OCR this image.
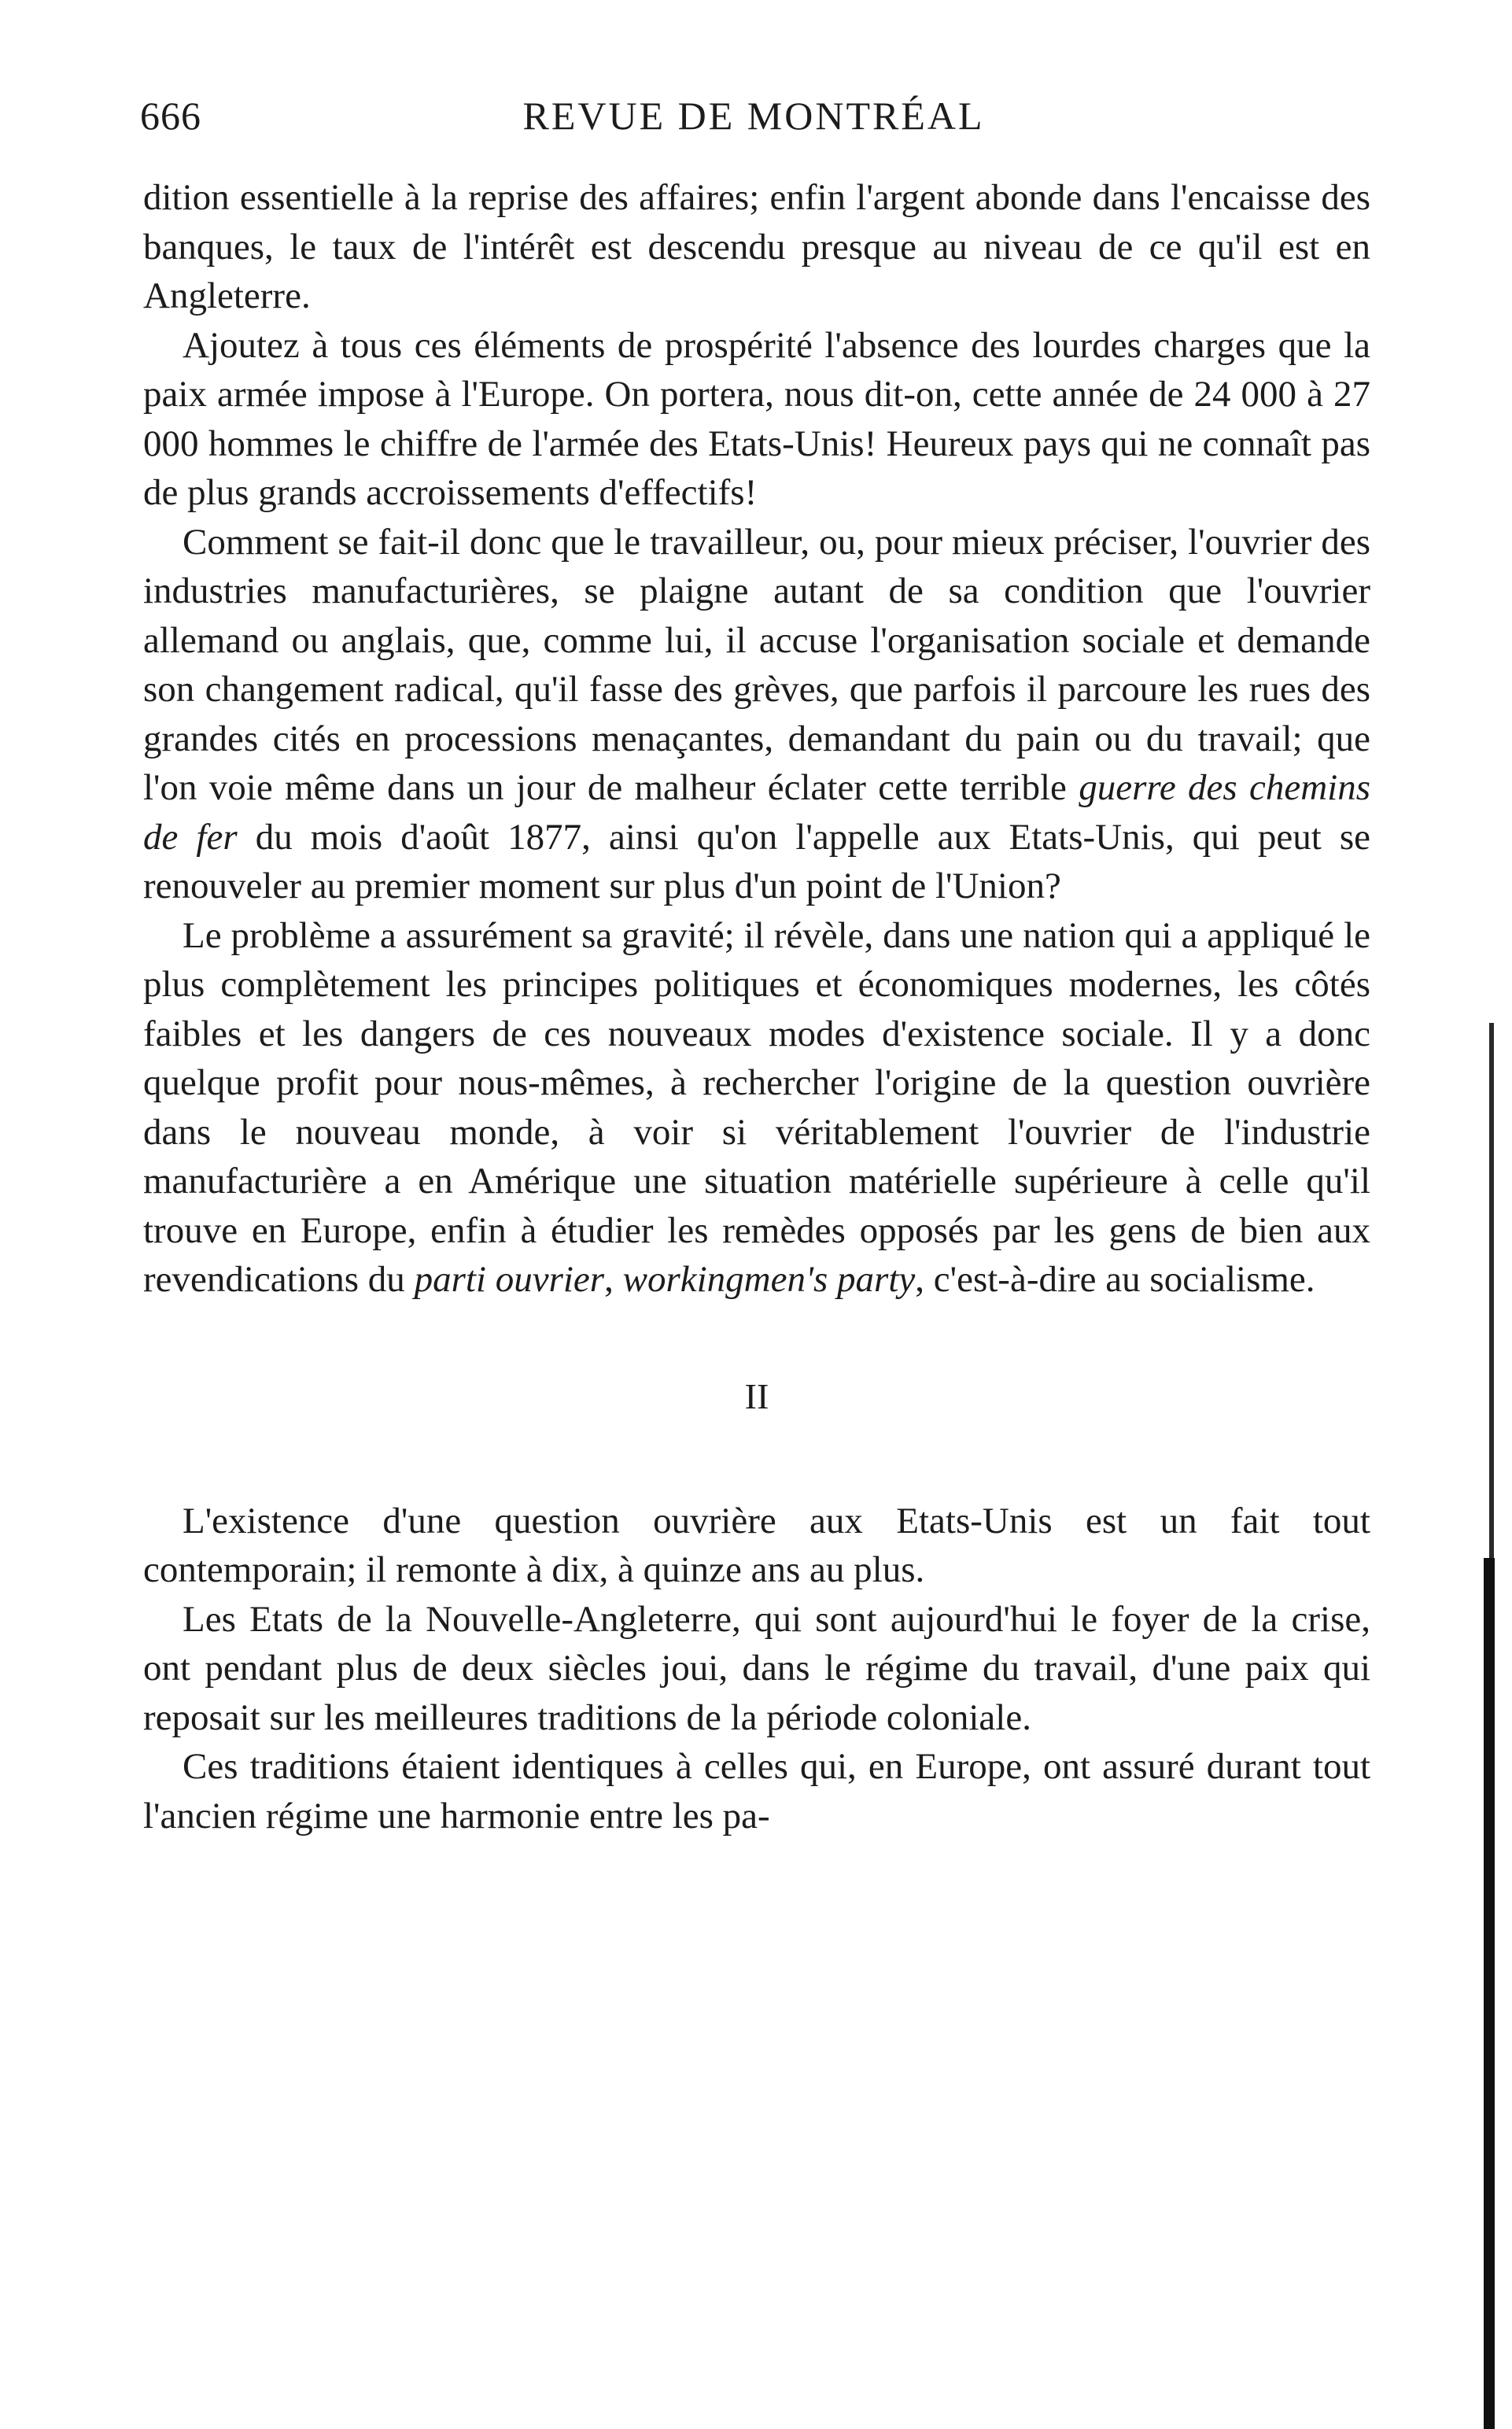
666	REVUE DE MONTRÉAL

dition essentielle à la reprise des affaires; enfin l'argent abonde dans l'encaisse des banques, le taux de l'intérêt est descendu presque au niveau de ce qu'il est en Angleterre.

Ajoutez à tous ces éléments de prospérité l'absence des lourdes charges que la paix armée impose à l'Europe. On portera, nous dit-on, cette année de 24 000 à 27 000 hommes le chiffre de l'armée des Etats-Unis! Heureux pays qui ne connaît pas de plus grands accroissements d'effectifs!

Comment se fait-il donc que le travailleur, ou, pour mieux préciser, l'ouvrier des industries manufacturières, se plaigne autant de sa condition que l'ouvrier allemand ou anglais, que, comme lui, il accuse l'organisation sociale et demande son changement radical, qu'il fasse des grèves, que parfois il parcoure les rues des grandes cités en processions menaçantes, demandant du pain ou du travail; que l'on voie même dans un jour de malheur éclater cette terrible guerre des chemins de fer du mois d'août 1877, ainsi qu'on l'appelle aux Etats-Unis, qui peut se renouveler au premier moment sur plus d'un point de l'Union?

Le problème a assurément sa gravité; il révèle, dans une nation qui a appliqué le plus complètement les principes politiques et économiques modernes, les côtés faibles et les dangers de ces nouveaux modes d'existence sociale. Il y a donc quelque profit pour nous-mêmes, à rechercher l'origine de la question ouvrière dans le nouveau monde, à voir si véritablement l'ouvrier de l'industrie manufacturière a en Amérique une situation matérielle supérieure à celle qu'il trouve en Europe, enfin à étudier les remèdes opposés par les gens de bien aux revendications du parti ouvrier, workingmen's party, c'est-à-dire au socialisme.

II

L'existence d'une question ouvrière aux Etats-Unis est un fait tout contemporain; il remonte à dix, à quinze ans au plus.

Les Etats de la Nouvelle-Angleterre, qui sont aujourd'hui le foyer de la crise, ont pendant plus de deux siècles joui, dans le régime du travail, d'une paix qui reposait sur les meilleures traditions de la période coloniale.

Ces traditions étaient identiques à celles qui, en Europe, ont assuré durant tout l'ancien régime une harmonie entre les pa-
